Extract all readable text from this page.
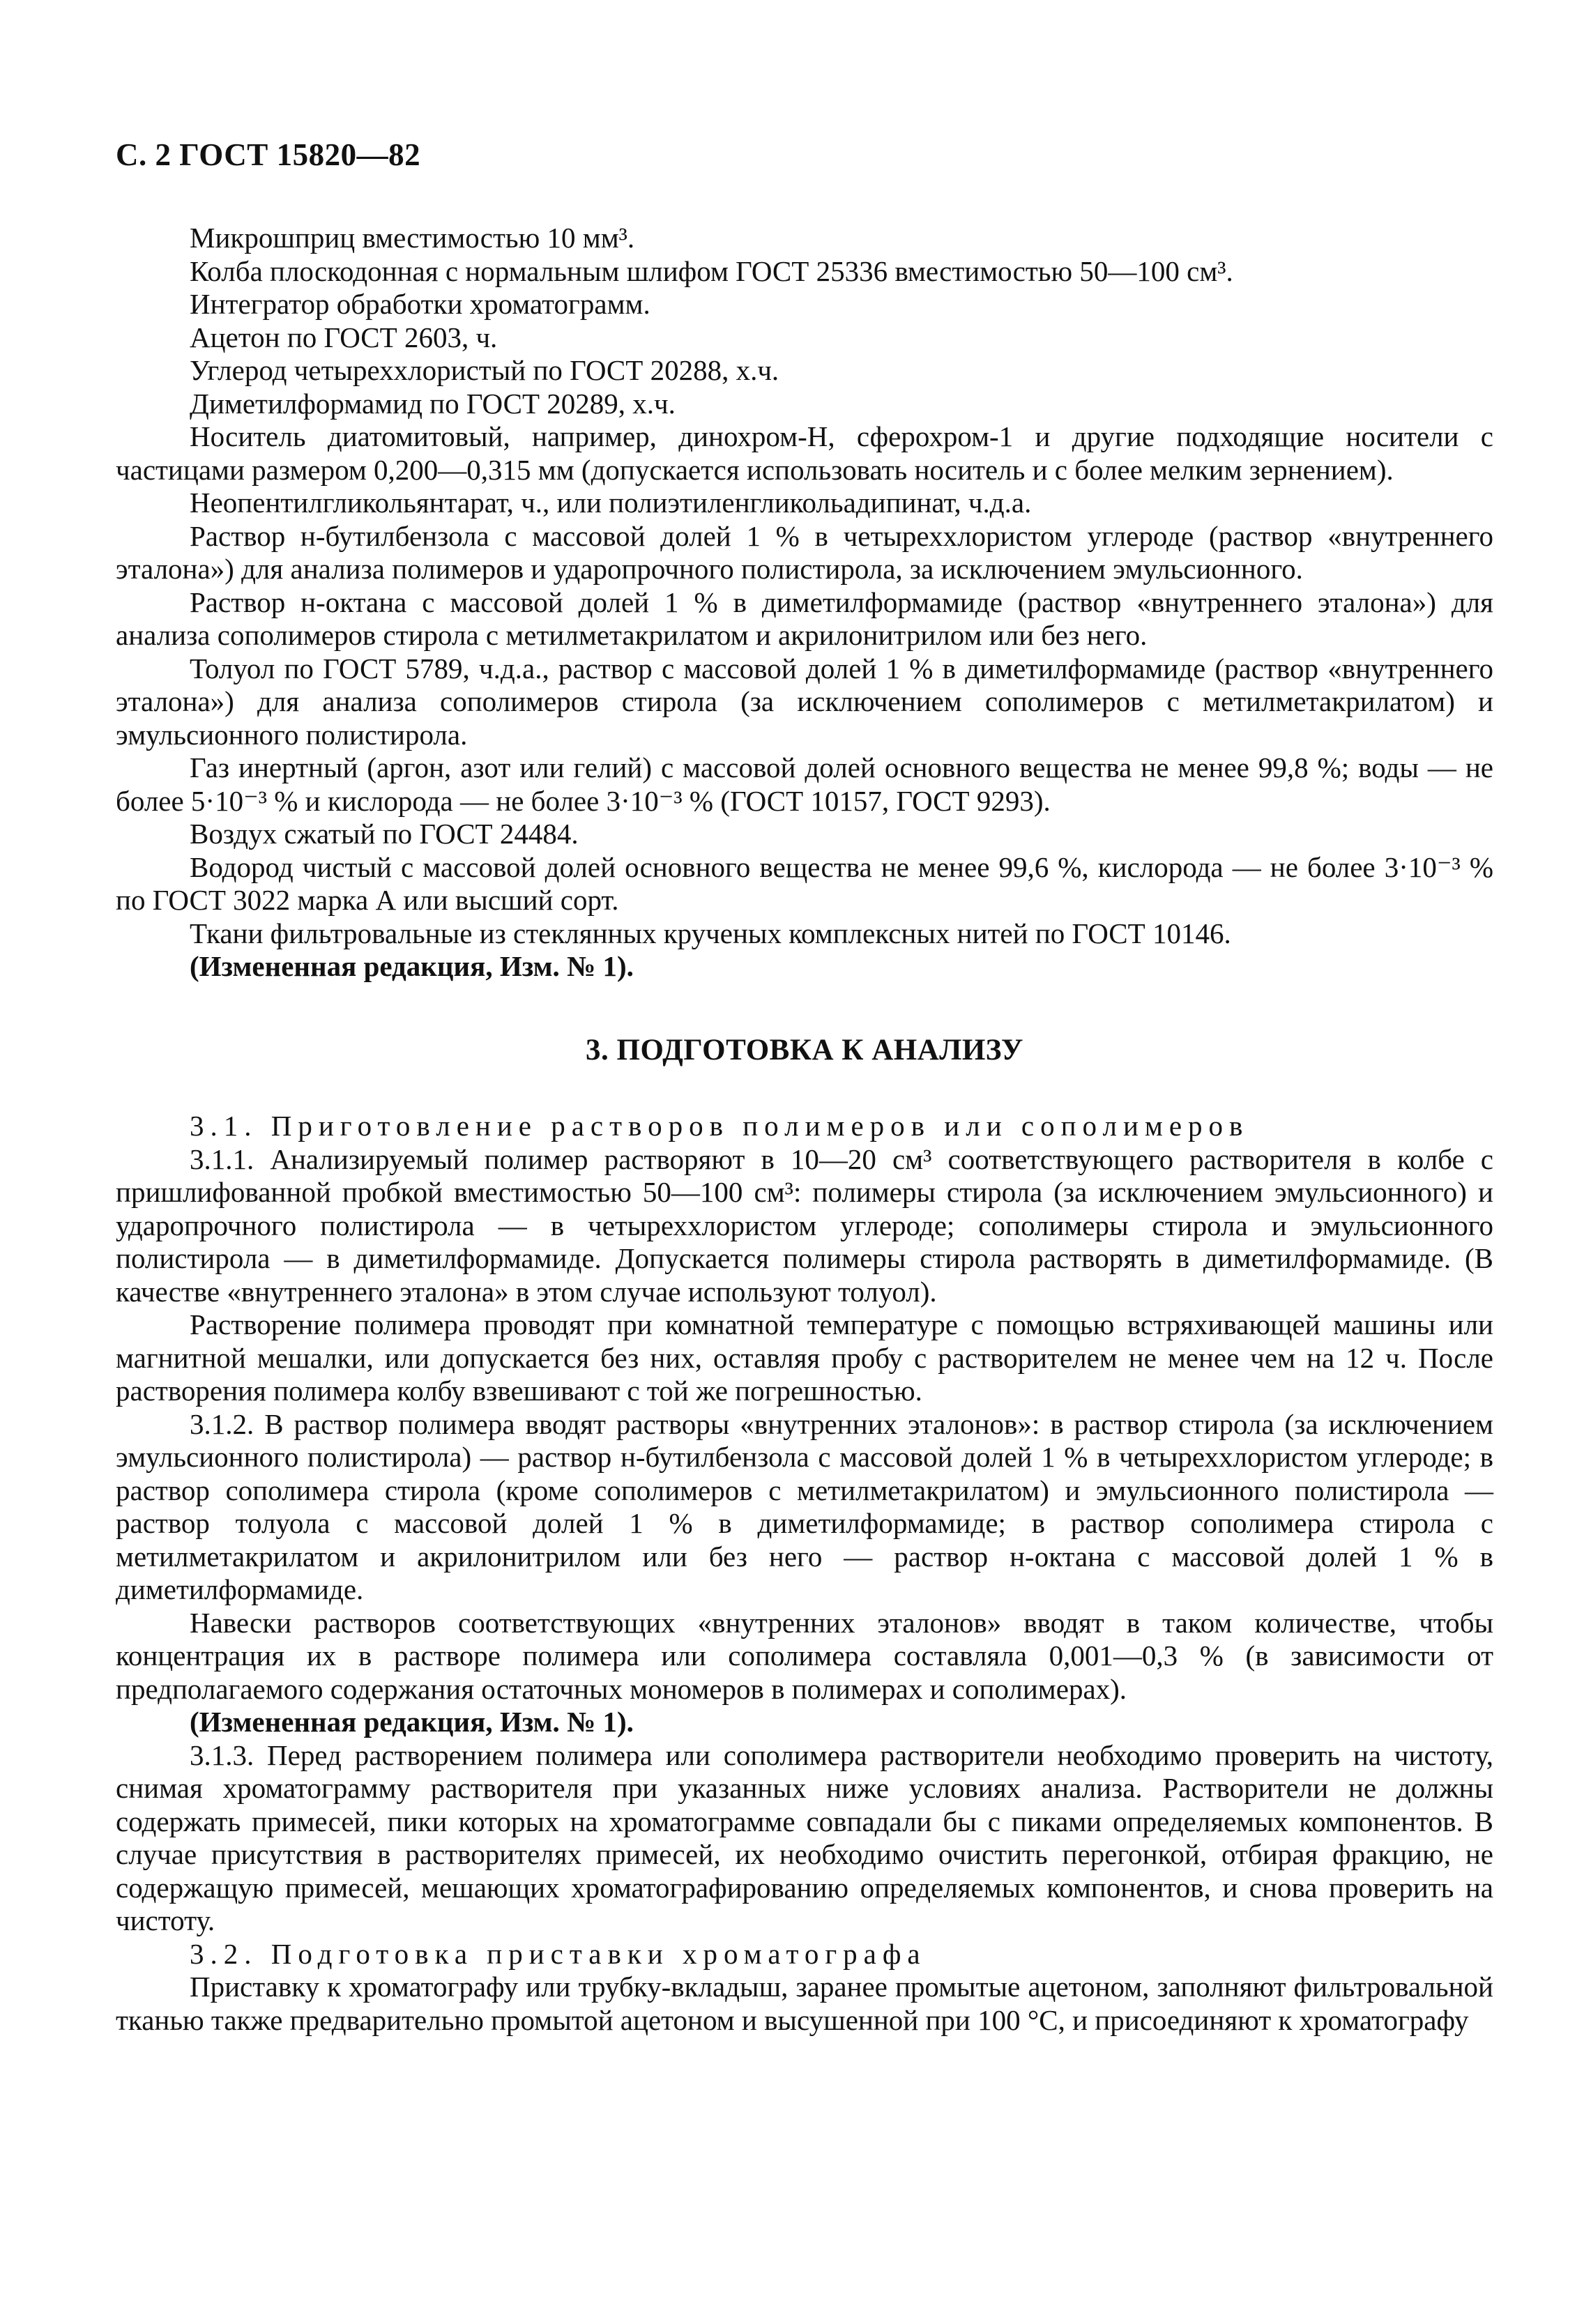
С. 2 ГОСТ 15820—82

Микрошприц вместимостью 10 мм³.

Колба плоскодонная с нормальным шлифом ГОСТ 25336 вместимостью 50—100 см³.

Интегратор обработки хроматограмм.

Ацетон по ГОСТ 2603, ч.

Углерод четыреххлористый по ГОСТ 20288, х.ч.

Диметилформамид по ГОСТ 20289, х.ч.

Носитель диатомитовый, например, динохром-Н, сферохром-1 и другие подходящие носители с частицами размером 0,200—0,315 мм (допускается использовать носитель и с более мелким зернением).

Неопентилгликольянтарат, ч., или полиэтиленгликольадипинат, ч.д.а.

Раствор н-бутилбензола с массовой долей 1 % в четыреххлористом углероде (раствор «внутреннего эталона») для анализа полимеров и ударопрочного полистирола, за исключением эмульсионного.

Раствор н-октана с массовой долей 1 % в диметилформамиде (раствор «внутреннего эталона») для анализа сополимеров стирола с метилметакрилатом и акрилонитрилом или без него.

Толуол по ГОСТ 5789, ч.д.а., раствор с массовой долей 1 % в диметилформамиде (раствор «внутреннего эталона») для анализа сополимеров стирола (за исключением сополимеров с метилметакрилатом) и эмульсионного полистирола.

Газ инертный (аргон, азот или гелий) с массовой долей основного вещества не менее 99,8 %; воды — не более 5·10⁻³ % и кислорода — не более 3·10⁻³ % (ГОСТ 10157, ГОСТ 9293).

Воздух сжатый по ГОСТ 24484.

Водород чистый с массовой долей основного вещества не менее 99,6 %, кислорода — не более 3·10⁻³ % по ГОСТ 3022 марка А или высший сорт.

Ткани фильтровальные из стеклянных крученых комплексных нитей по ГОСТ 10146.

(Измененная редакция, Изм. № 1).

3. ПОДГОТОВКА К АНАЛИЗУ

3.1. Приготовление растворов полимеров или сополимеров

3.1.1. Анализируемый полимер растворяют в 10—20 см³ соответствующего растворителя в колбе с пришлифованной пробкой вместимостью 50—100 см³: полимеры стирола (за исключением эмульсионного) и ударопрочного полистирола — в четыреххлористом углероде; сополимеры стирола и эмульсионного полистирола — в диметилформамиде. Допускается полимеры стирола растворять в диметилформамиде. (В качестве «внутреннего эталона» в этом случае используют толуол).

Растворение полимера проводят при комнатной температуре с помощью встряхивающей машины или магнитной мешалки, или допускается без них, оставляя пробу с растворителем не менее чем на 12 ч. После растворения полимера колбу взвешивают с той же погрешностью.

3.1.2. В раствор полимера вводят растворы «внутренних эталонов»: в раствор стирола (за исключением эмульсионного полистирола) — раствор н-бутилбензола с массовой долей 1 % в четыреххлористом углероде; в раствор сополимера стирола (кроме сополимеров с метилметакрилатом) и эмульсионного полистирола — раствор толуола с массовой долей 1 % в диметилформамиде; в раствор сополимера стирола с метилметакрилатом и акрилонитрилом или без него — раствор н-октана с массовой долей 1 % в диметилформамиде.

Навески растворов соответствующих «внутренних эталонов» вводят в таком количестве, чтобы концентрация их в растворе полимера или сополимера составляла 0,001—0,3 % (в зависимости от предполагаемого содержания остаточных мономеров в полимерах и сополимерах).

(Измененная редакция, Изм. № 1).

3.1.3. Перед растворением полимера или сополимера растворители необходимо проверить на чистоту, снимая хроматограмму растворителя при указанных ниже условиях анализа. Растворители не должны содержать примесей, пики которых на хроматограмме совпадали бы с пиками определяемых компонентов. В случае присутствия в растворителях примесей, их необходимо очистить перегонкой, отбирая фракцию, не содержащую примесей, мешающих хроматографированию определяемых компонентов, и снова проверить на чистоту.

3.2. Подготовка приставки хроматографа

Приставку к хроматографу или трубку-вкладыш, заранее промытые ацетоном, заполняют фильтровальной тканью также предварительно промытой ацетоном и высушенной при 100 °С, и присоединяют к хроматографу
